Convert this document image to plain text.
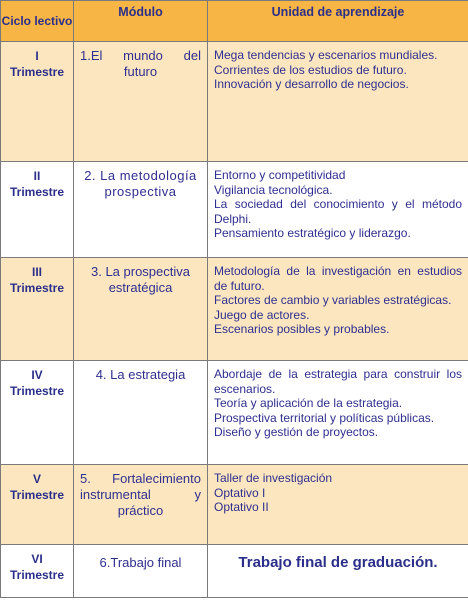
Ciclo lectivo	Módulo	Unidad de aprendizaje

I
Trimestre	1.El mundo del futuro	Mega tendencias y escenarios mundiales.
Corrientes de los estudios de futuro.
Innovación y desarrollo de negocios.

II
Trimestre	2. La metodología prospectiva	Entorno y competitividad
Vigilancia tecnológica.
La sociedad del conocimiento y el método Delphi.
Pensamiento estratégico y liderazgo.

III
Trimestre	3. La prospectiva estratégica	Metodología de la investigación en estudios de futuro.
Factores de cambio y variables estratégicas.
Juego de actores.
Escenarios posibles y probables.

IV
Trimestre	4. La estrategia	Abordaje de la estrategia para construir los escenarios.
Teoría y aplicación de la estrategia.
Prospectiva territorial y políticas públicas.
Diseño y gestión de proyectos.

V
Trimestre	5. Fortalecimiento instrumental y práctico	Taller de investigación
Optativo I
Optativo II

VI
Trimestre	6.Trabajo final	Trabajo final de graduación.
